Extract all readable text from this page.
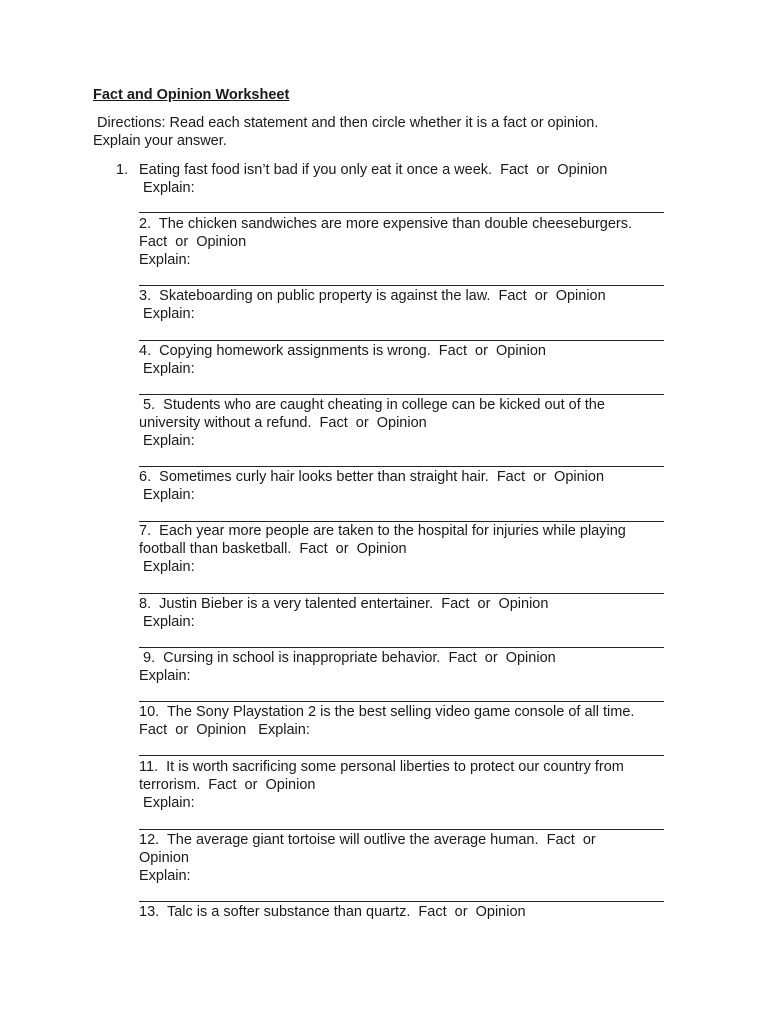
Fact and Opinion Worksheet
Directions: Read each statement and then circle whether it is a fact or opinion.
Explain your answer.
1. Eating fast food isn’t bad if you only eat it once a week.  Fact  or  Opinion
Explain:
2.  The chicken sandwiches are more expensive than double cheeseburgers.
Fact  or  Opinion
Explain:
3.  Skateboarding on public property is against the law.  Fact  or  Opinion
Explain:
4.  Copying homework assignments is wrong.  Fact  or  Opinion
Explain:
5.  Students who are caught cheating in college can be kicked out of the
university without a refund.  Fact  or  Opinion
Explain:
6.  Sometimes curly hair looks better than straight hair.  Fact  or  Opinion
Explain:
7.  Each year more people are taken to the hospital for injuries while playing
football than basketball.  Fact  or  Opinion
Explain:
8.  Justin Bieber is a very talented entertainer.  Fact  or  Opinion
Explain:
9.  Cursing in school is inappropriate behavior.  Fact  or  Opinion
Explain:
10.  The Sony Playstation 2 is the best selling video game console of all time.
Fact  or  Opinion   Explain:
11.  It is worth sacrificing some personal liberties to protect our country from
terrorism.  Fact  or  Opinion
Explain:
12.  The average giant tortoise will outlive the average human.  Fact  or
Opinion
Explain:
13.  Talc is a softer substance than quartz.  Fact  or  Opinion
